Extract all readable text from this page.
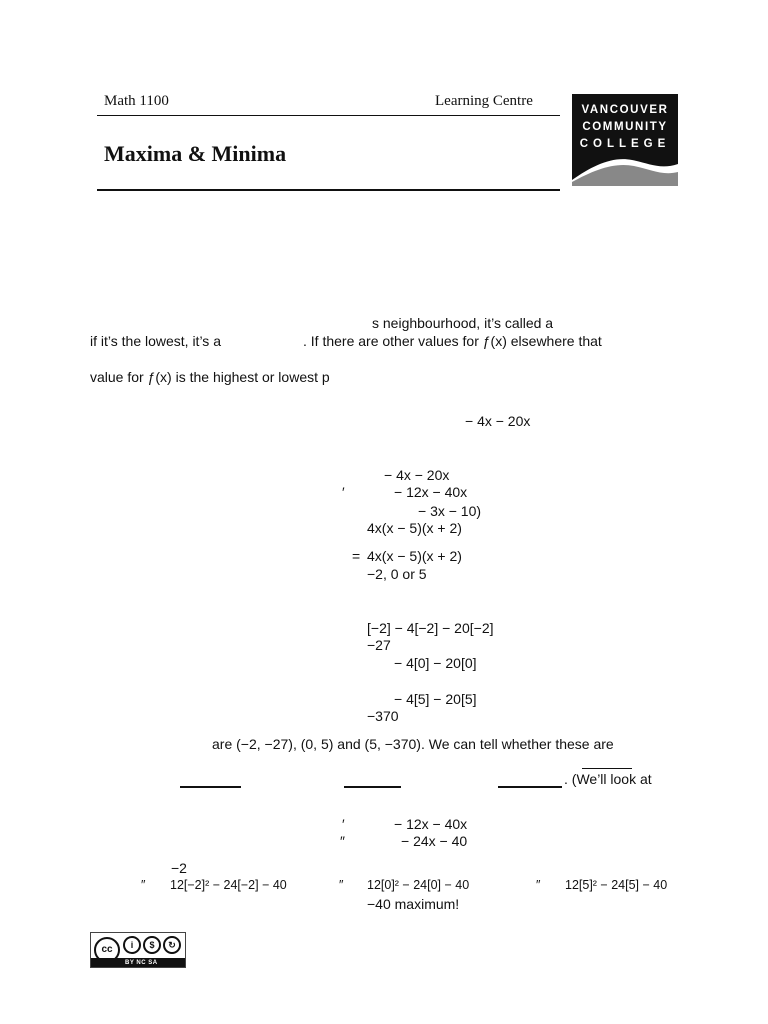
Math 1100	Learning Centre
Maxima & Minima
VANCOUVER
COMMUNITY
COLLEGE
s neighbourhood, it’s called a
if it’s the lowest, it’s a	. If there are other values for ƒ(x) elsewhere that
value for ƒ(x) is the highest or lowest p
− 4x − 20x
− 4x − 20x
′	− 12x − 40x
− 3x − 10)
4x(x − 5)(x + 2)
= 4x(x − 5)(x + 2)
−2, 0 or 5
[−2] − 4[−2] − 20[−2]
−27
− 4[0] − 20[0]
− 4[5] − 20[5]
−370
are (−2, −27), (0, 5) and (5, −370). We can tell whether these are
. (We’ll look at
′	− 12x − 40x
″	− 24x − 40
−2
″ 12[−2]² − 24[−2] − 40	″ 12[0]² − 24[0] − 40	″ 12[5]² − 24[5] − 40
−40 maximum!
cc	i	$	↻
BY NC SA
